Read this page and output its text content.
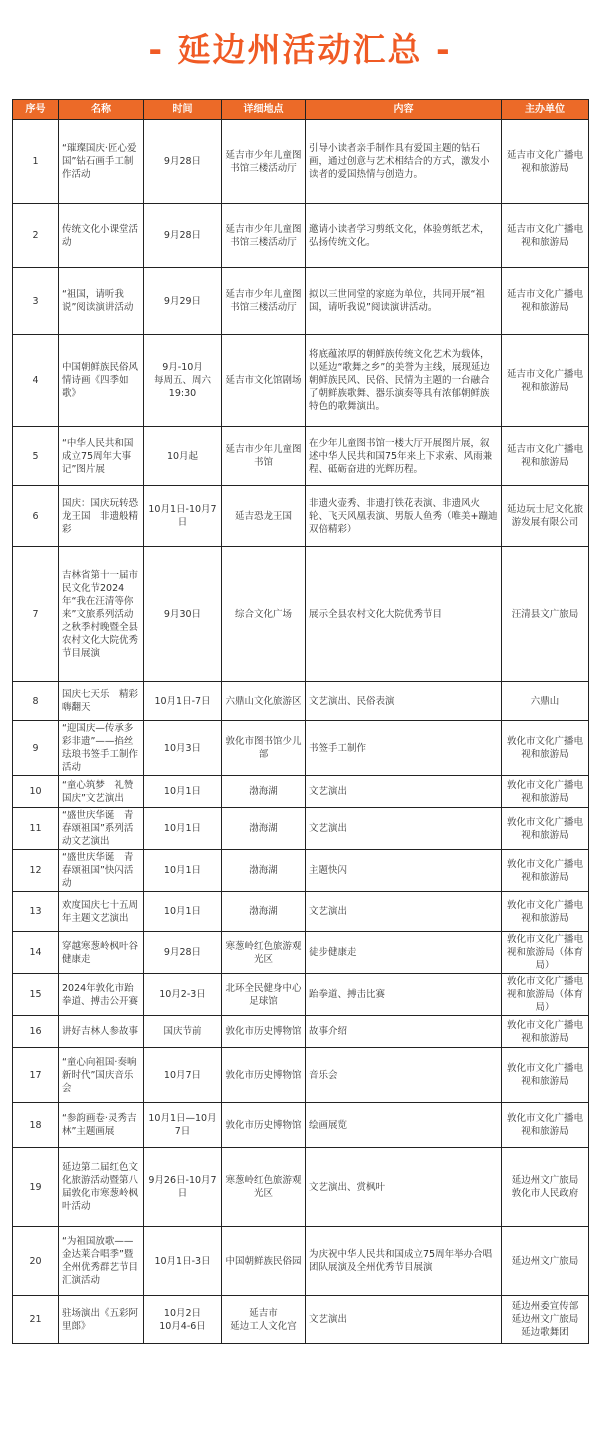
- 延边州活动汇总 -
序号	名称	时间	详细地点	内容	主办单位
1	“璀璨国庆·匠心爱国”钻石画手工制作活动	9月28日	延吉市少年儿童图书馆三楼活动厅	引导小读者亲手制作具有爱国主题的钻石画，通过创意与艺术相结合的方式，激发小读者的爱国热情与创造力。	延吉市文化广播电视和旅游局
2	传统文化小课堂活动	9月28日	延吉市少年儿童图书馆三楼活动厅	邀请小读者学习剪纸文化，体验剪纸艺术，弘扬传统文化。	延吉市文化广播电视和旅游局
3	“祖国，请听我说”阅读演讲活动	9月29日	延吉市少年儿童图书馆三楼活动厅	拟以三世同堂的家庭为单位，共同开展“祖国，请听我说”阅读演讲活动。	延吉市文化广播电视和旅游局
4	中国朝鲜族民俗风情诗画《四季如歌》	9月-10月
每周五、周六
19:30	延吉市文化馆剧场	将底蕴浓厚的朝鲜族传统文化艺术为载体，以延边“歌舞之乡”的美誉为主线，展现延边朝鲜族民风、民俗、民情为主题的一台融合了朝鲜族歌舞、器乐演奏等具有浓郁朝鲜族特色的歌舞演出。	延吉市文化广播电视和旅游局
5	“中华人民共和国成立75周年大事记”图片展	10月起	延吉市少年儿童图书馆	在少年儿童图书馆一楼大厅开展图片展，叙述中华人民共和国75年来上下求索、风雨兼程、砥砺奋进的光辉历程。	延吉市文化广播电视和旅游局
6	国庆：国庆玩转恐龙王国　非遗般精彩	10月1日-10月7日	延吉恐龙王国	非遗火壶秀、非遗打铁花表演、非遗风火轮、飞天风凰表演、男版人鱼秀（唯美+蹦迪双倍精彩）	延边玩士尼文化旅游发展有限公司
7	吉林省第十一届市民文化节2024年“我在汪清等你来”文旅系列活动之秋季村晚暨全县农村文化大院优秀节目展演	9月30日	综合文化广场	展示全县农村文化大院优秀节目	汪清县文广旅局
8	国庆七天乐　精彩嗨翻天	10月1日-7日	六鼎山文化旅游区	文艺演出、民俗表演	六鼎山
9	“迎国庆—传承多彩非遗”——掐丝珐琅书签手工制作活动	10月3日	敦化市图书馆少儿部	书签手工制作	敦化市文化广播电视和旅游局
10	“童心筑梦　礼赞国庆”文艺演出	10月1日	渤海湖	文艺演出	敦化市文化广播电视和旅游局
11	“盛世庆华诞　青春颂祖国”系列活动文艺演出	10月1日	渤海湖	文艺演出	敦化市文化广播电视和旅游局
12	“盛世庆华诞　青春颂祖国”快闪活动	10月1日	渤海湖	主题快闪	敦化市文化广播电视和旅游局
13	欢度国庆七十五周年主题文艺演出	10月1日	渤海湖	文艺演出	敦化市文化广播电视和旅游局
14	穿越寒葱岭枫叶谷健康走	9月28日	寒葱岭红色旅游观光区	徒步健康走	敦化市文化广播电视和旅游局（体育局）
15	2024年敦化市跆拳道、搏击公开赛	10月2-3日	北环全民健身中心足球馆	跆拳道、搏击比赛	敦化市文化广播电视和旅游局（体育局）
16	讲好吉林人参故事	国庆节前	敦化市历史博物馆	故事介绍	敦化市文化广播电视和旅游局
17	“童心向祖国·奏响新时代”国庆音乐会	10月7日	敦化市历史博物馆	音乐会	敦化市文化广播电视和旅游局
18	“参韵画卷·灵秀吉林”主题画展	10月1日—10月7日	敦化市历史博物馆	绘画展览	敦化市文化广播电视和旅游局
19	延边第二届红色文化旅游活动暨第八届敦化市寒葱岭枫叶活动	9月26日-10月7日	寒葱岭红色旅游观光区	文艺演出、赏枫叶	延边州文广旅局
敦化市人民政府
20	“为祖国放歌——金达莱合唱季”暨全州优秀群艺节目汇演活动	10月1日-3日	中国朝鲜族民俗园	为庆祝中华人民共和国成立75周年举办合唱团队展演及全州优秀节目展演	延边州文广旅局
21	驻场演出《五彩阿里郎》	10月2日
10月4-6日	延吉市
延边工人文化宫	文艺演出	延边州委宣传部
延边州文广旅局
延边歌舞团
